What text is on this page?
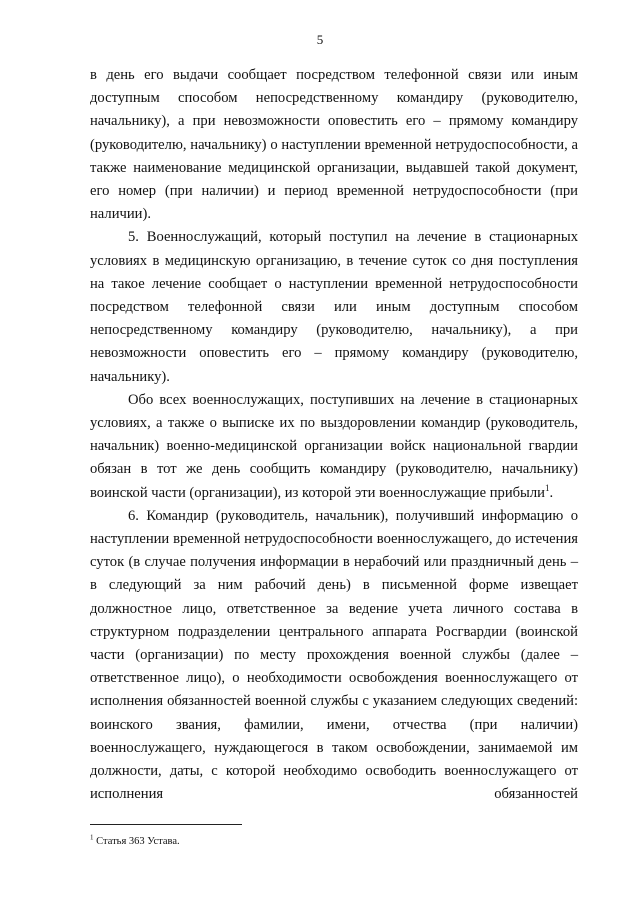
5

в день его выдачи сообщает посредством телефонной связи или иным доступным способом непосредственному командиру (руководителю, начальнику), а при невозможности оповестить его – прямому командиру (руководителю, начальнику) о наступлении временной нетрудоспособности, а также наименование медицинской организации, выдавшей такой документ, его номер (при наличии) и период временной нетрудоспособности (при наличии).

5. Военнослужащий, который поступил на лечение в стационарных условиях в медицинскую организацию, в течение суток со дня поступления на такое лечение сообщает о наступлении временной нетрудоспособности посредством телефонной связи или иным доступным способом непосредственному командиру (руководителю, начальнику), а при невозможности оповестить его – прямому командиру (руководителю, начальнику).

Обо всех военнослужащих, поступивших на лечение в стационарных условиях, а также о выписке их по выздоровлении командир (руководитель, начальник) военно-медицинской организации войск национальной гвардии обязан в тот же день сообщить командиру (руководителю, начальнику) воинской части (организации), из которой эти военнослужащие прибыли$^1$.

6. Командир (руководитель, начальник), получивший информацию о наступлении временной нетрудоспособности военнослужащего, до истечения суток (в случае получения информации в нерабочий или праздничный день – в следующий за ним рабочий день) в письменной форме извещает должностное лицо, ответственное за ведение учета личного состава в структурном подразделении центрального аппарата Росгвардии (воинской части (организации) по месту прохождения военной службы (далее – ответственное лицо), о необходимости освобождения военнослужащего от исполнения обязанностей военной службы с указанием следующих сведений: воинского звания, фамилии, имени, отчества (при наличии) военнослужащего, нуждающегося в таком освобождении, занимаемой им должности, даты, с которой необходимо освободить военнослужащего от исполнения обязанностей

$^1$ Статья 363 Устава.
